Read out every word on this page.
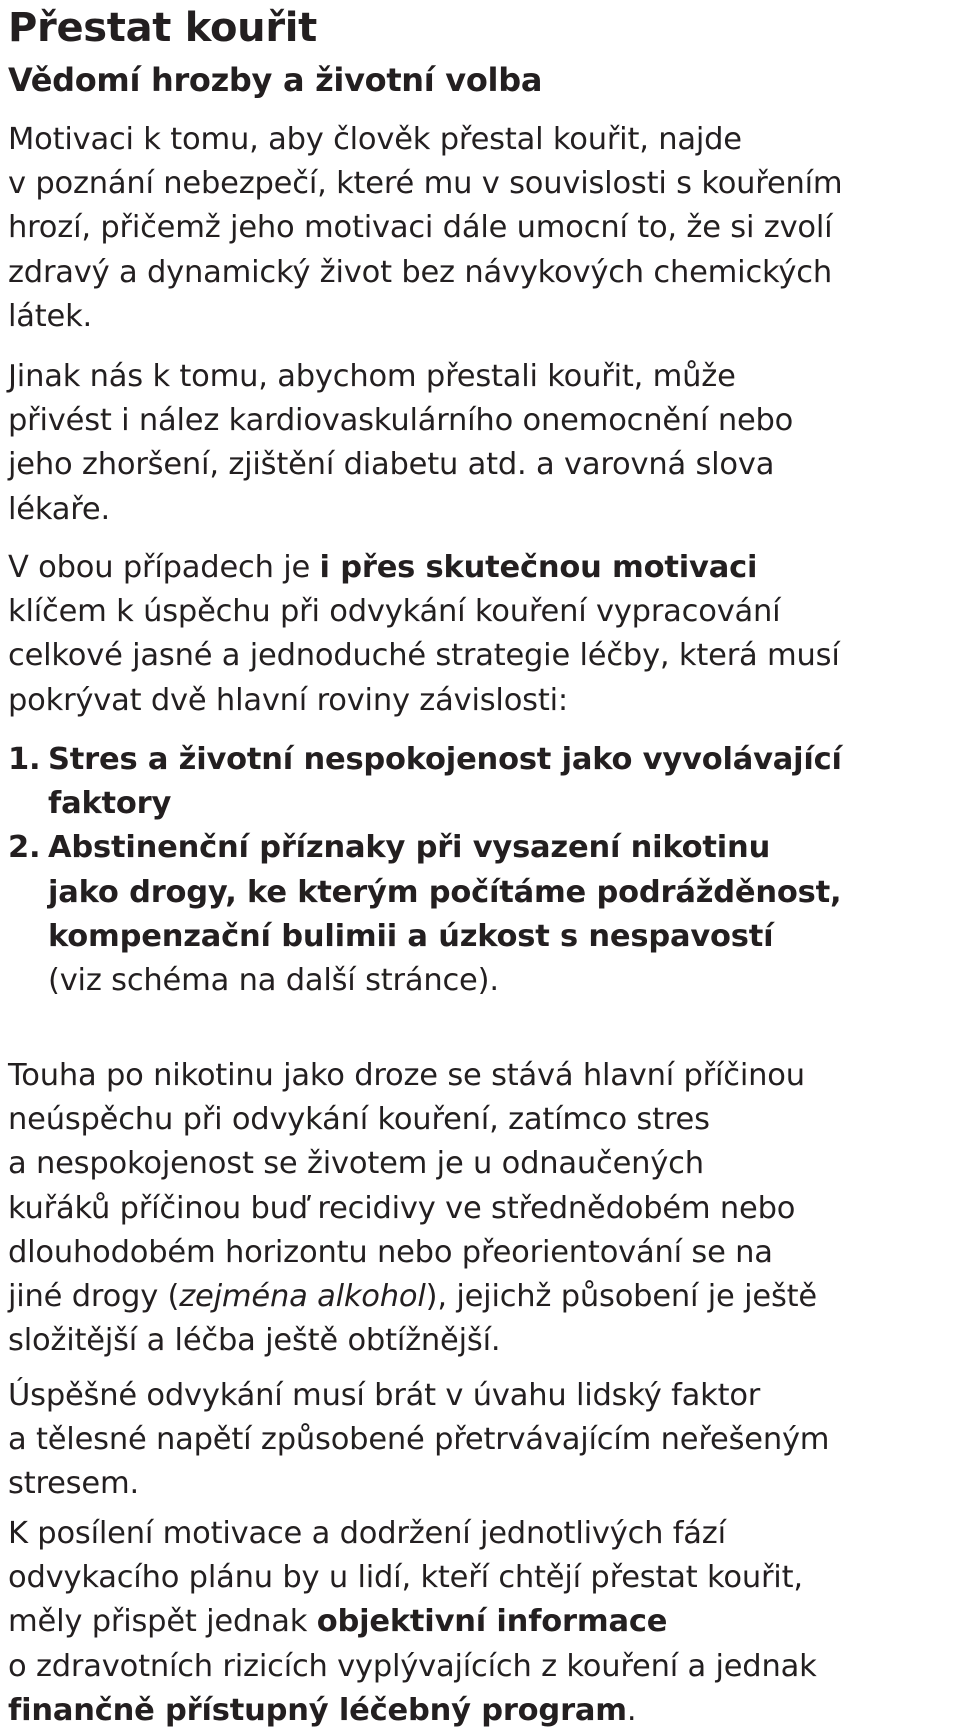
Přestat kouřit
Vědomí hrozby a životní volba

Motivaci k tomu, aby člověk přestal kouřit, najde
v poznání nebezpečí, které mu v souvislosti s kouřením
hrozí, přičemž jeho motivaci dále umocní to, že si zvolí
zdravý a dynamický život bez návykových chemických
látek.

Jinak nás k tomu, abychom přestali kouřit, může
přivést i nález kardiovaskulárního onemocnění nebo
jeho zhoršení, zjištění diabetu atd. a varovná slova
lékaře.

V obou případech je i přes skutečnou motivaci
klíčem k úspěchu při odvykání kouření vypracování
celkové jasné a jednoduché strategie léčby, která musí
pokrývat dvě hlavní roviny závislosti:

1. Stres a životní nespokojenost jako vyvolávající
faktory
2. Abstinenční příznaky při vysazení nikotinu
jako drogy, ke kterým počítáme podrážděnost,
kompenzační bulimii a úzkost s nespavostí
(viz schéma na další stránce).

Touha po nikotinu jako droze se stává hlavní příčinou
neúspěchu při odvykání kouření, zatímco stres
a nespokojenost se životem je u odnaučených
kuřáků příčinou buď recidivy ve střednědobém nebo
dlouhodobém horizontu nebo přeorientování se na
jiné drogy (zejména alkohol), jejichž působení je ještě
složitější a léčba ještě obtížnější.

Úspěšné odvykání musí brát v úvahu lidský faktor
a tělesné napětí způsobené přetrvávajícím neřešeným
stresem.

K posílení motivace a dodržení jednotlivých fází
odvykacího plánu by u lidí, kteří chtějí přestat kouřit,
měly přispět jednak objektivní informace
o zdravotních rizicích vyplývajících z kouření a jednak
finančně přístupný léčebný program.
